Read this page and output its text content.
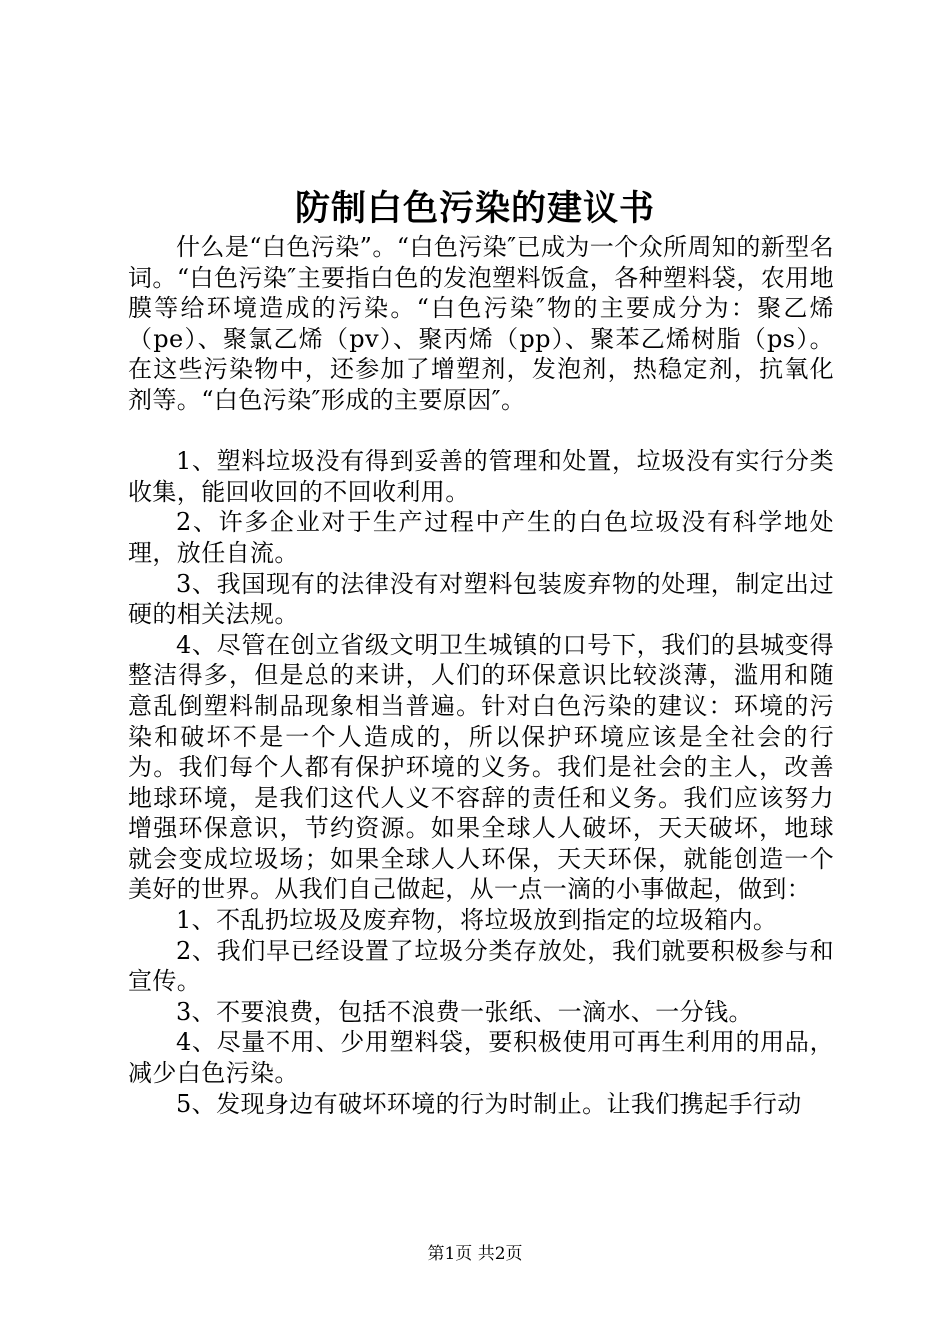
防制白色污染的建议书

什么是“白色污染”。“白色污染″已成为一个众所周知的新型名词。“白色污染″主要指白色的发泡塑料饭盒，各种塑料袋，农用地膜等给环境造成的污染。“白色污染″物的主要成分为：聚乙烯（pe）、聚氯乙烯（pv）、聚丙烯（pp）、聚苯乙烯树脂（ps）。在这些污染物中，还参加了增塑剂，发泡剂，热稳定剂，抗氧化剂等。“白色污染″形成的主要原因″。

1、塑料垃圾没有得到妥善的管理和处置，垃圾没有实行分类收集，能回收回的不回收利用。

2、许多企业对于生产过程中产生的白色垃圾没有科学地处理，放任自流。

3、我国现有的法律没有对塑料包装废弃物的处理，制定出过硬的相关法规。

4、尽管在创立省级文明卫生城镇的口号下，我们的县城变得整洁得多，但是总的来讲，人们的环保意识比较淡薄，滥用和随意乱倒塑料制品现象相当普遍。针对白色污染的建议：环境的污染和破坏不是一个人造成的，所以保护环境应该是全社会的行为。我们每个人都有保护环境的义务。我们是社会的主人，改善地球环境，是我们这代人义不容辞的责任和义务。我们应该努力增强环保意识，节约资源。如果全球人人破坏，天天破坏，地球就会变成垃圾场；如果全球人人环保，天天环保，就能创造一个美好的世界。从我们自己做起，从一点一滴的小事做起，做到：

1、不乱扔垃圾及废弃物，将垃圾放到指定的垃圾箱内。

2、我们早已经设置了垃圾分类存放处，我们就要积极参与和宣传。

3、不要浪费，包括不浪费一张纸、一滴水、一分钱。

4、尽量不用、少用塑料袋，要积极使用可再生利用的用品，减少白色污染。

5、发现身边有破坏环境的行为时制止。让我们携起手行动

第1页 共2页
